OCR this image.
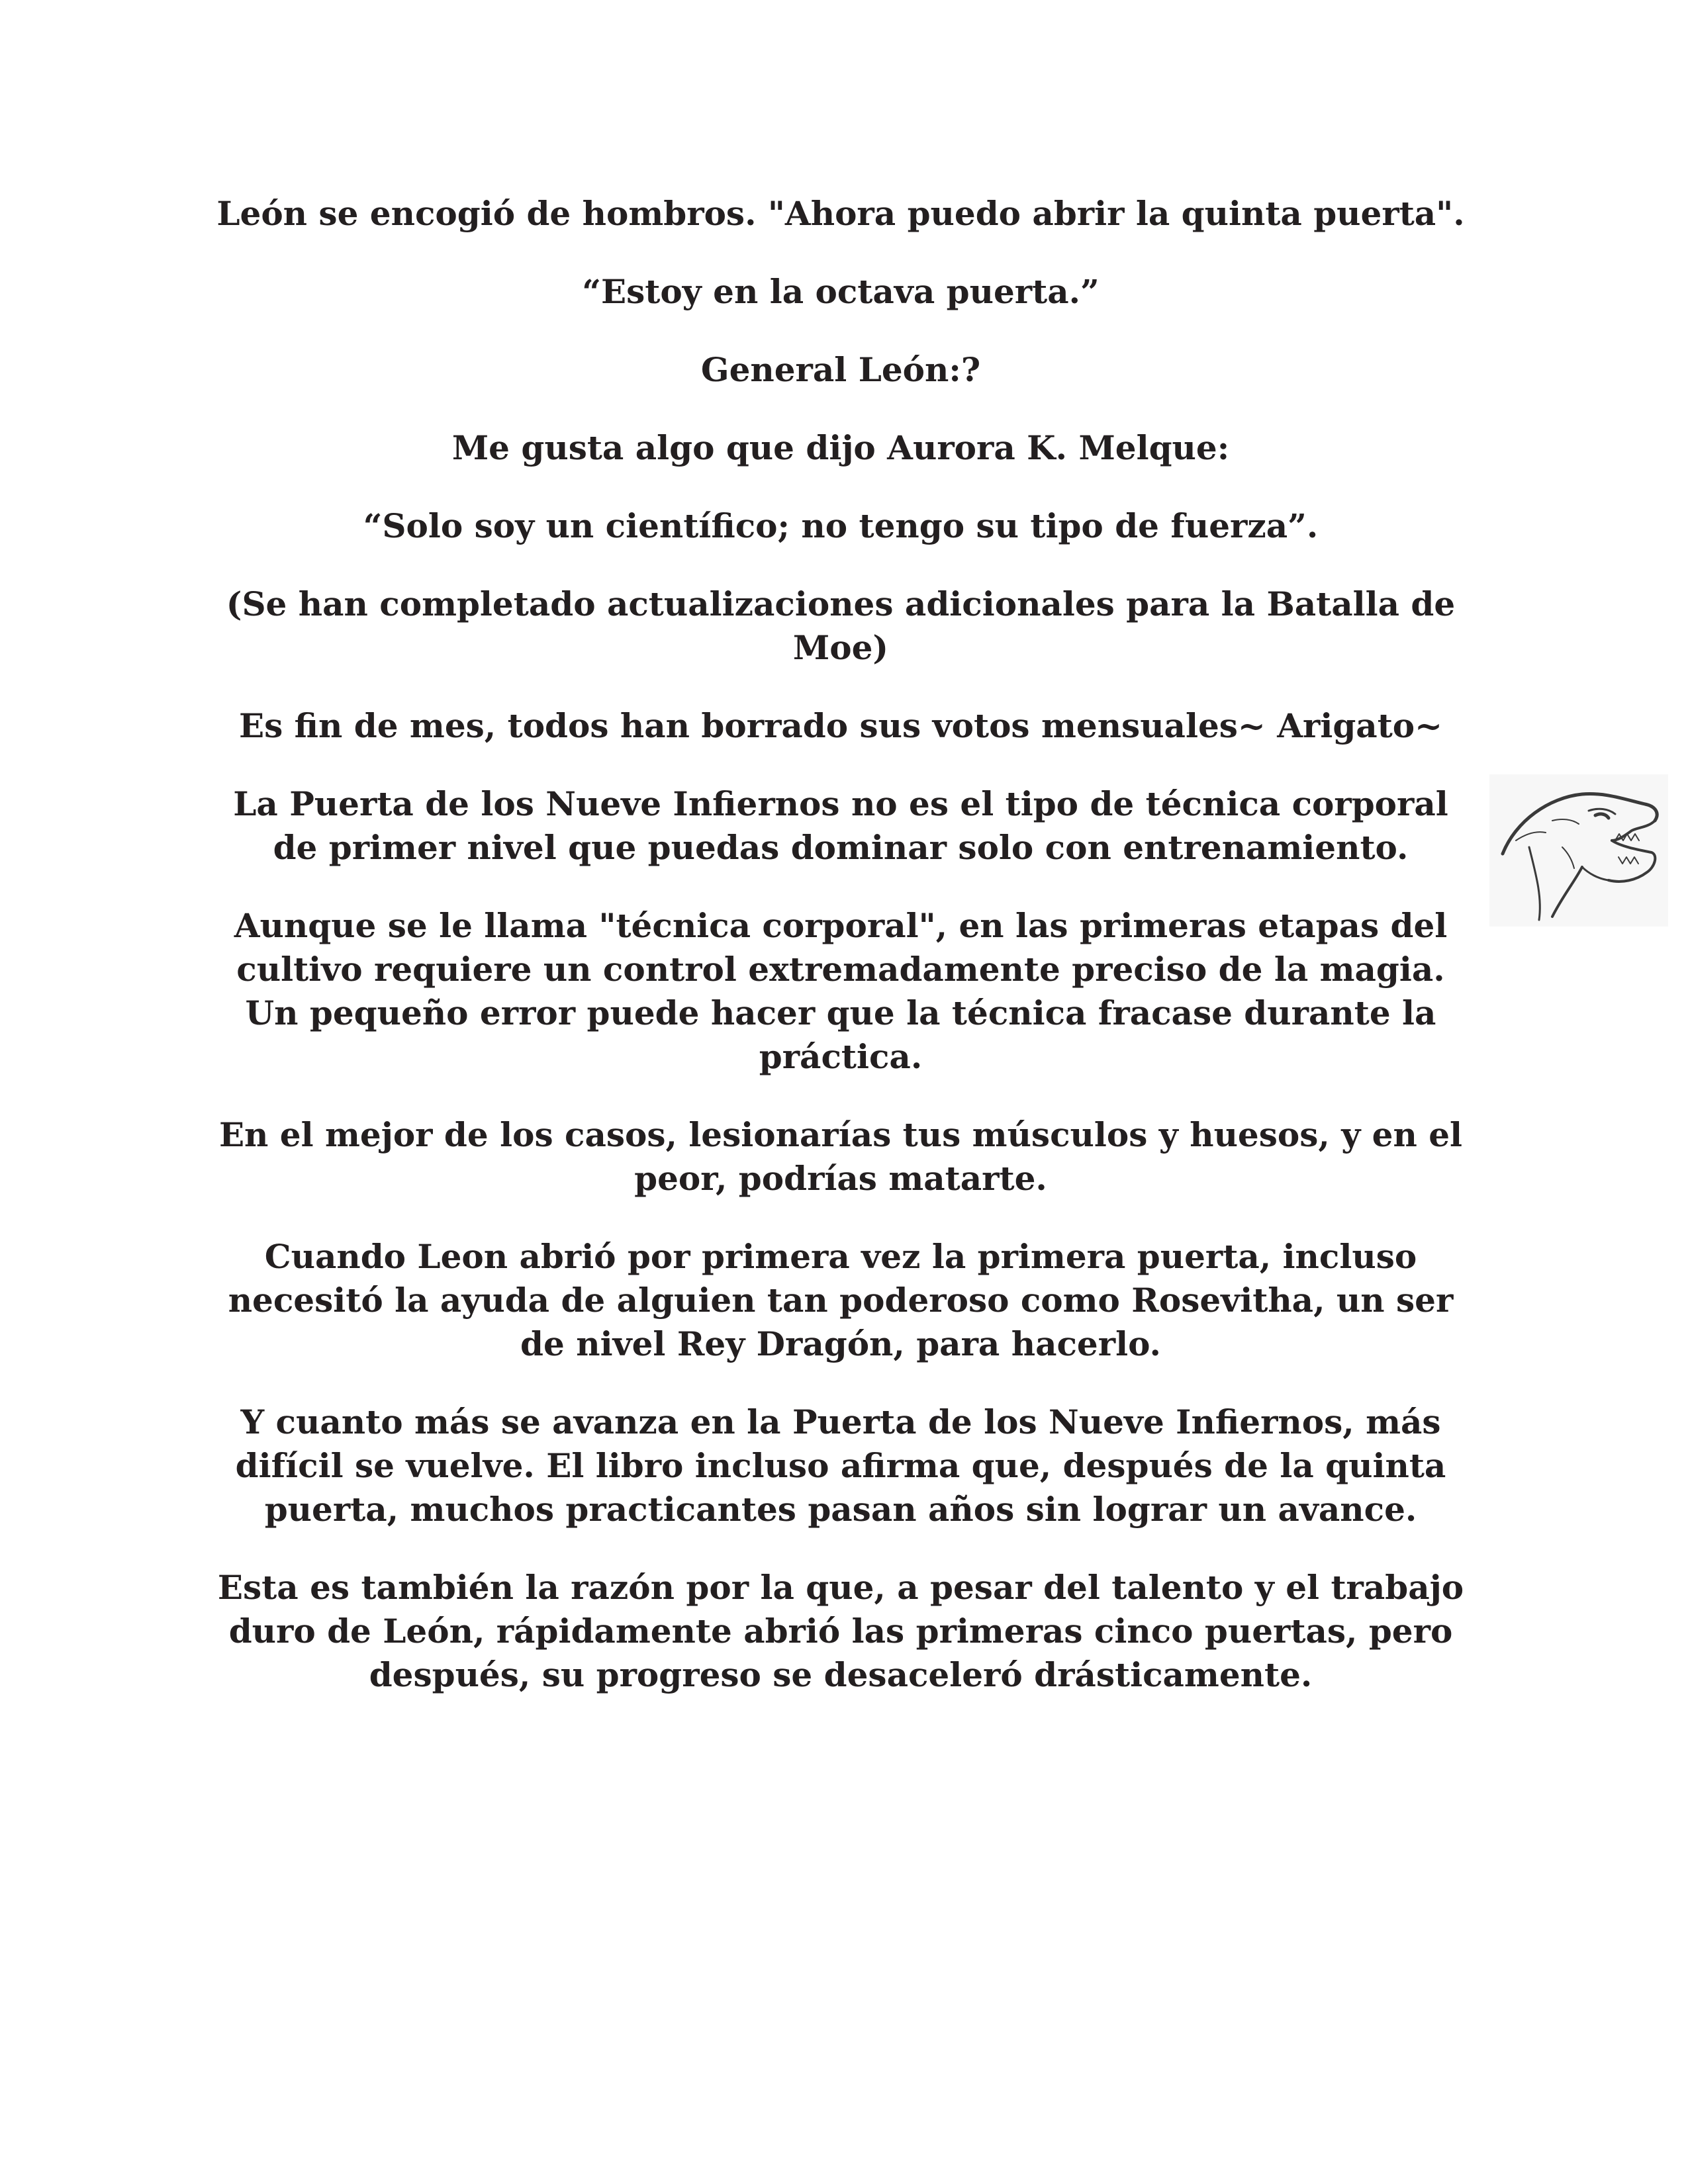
León se encogió de hombros. "Ahora puedo abrir la quinta puerta".

“Estoy en la octava puerta.”

General León:?

Me gusta algo que dijo Aurora K. Melque:

“Solo soy un científico; no tengo su tipo de fuerza”.

(Se han completado actualizaciones adicionales para la Batalla de Moe)

Es fin de mes, todos han borrado sus votos mensuales~ Arigato~

La Puerta de los Nueve Infiernos no es el tipo de técnica corporal de primer nivel que puedas dominar solo con entrenamiento.

Aunque se le llama "técnica corporal", en las primeras etapas del cultivo requiere un control extremadamente preciso de la magia. Un pequeño error puede hacer que la técnica fracase durante la práctica.

En el mejor de los casos, lesionarías tus músculos y huesos, y en el peor, podrías matarte.

Cuando Leon abrió por primera vez la primera puerta, incluso necesitó la ayuda de alguien tan poderoso como Rosevitha, un ser de nivel Rey Dragón, para hacerlo.

Y cuanto más se avanza en la Puerta de los Nueve Infiernos, más difícil se vuelve. El libro incluso afirma que, después de la quinta puerta, muchos practicantes pasan años sin lograr un avance.

Esta es también la razón por la que, a pesar del talento y el trabajo duro de León, rápidamente abrió las primeras cinco puertas, pero después, su progreso se desaceleró drásticamente.
